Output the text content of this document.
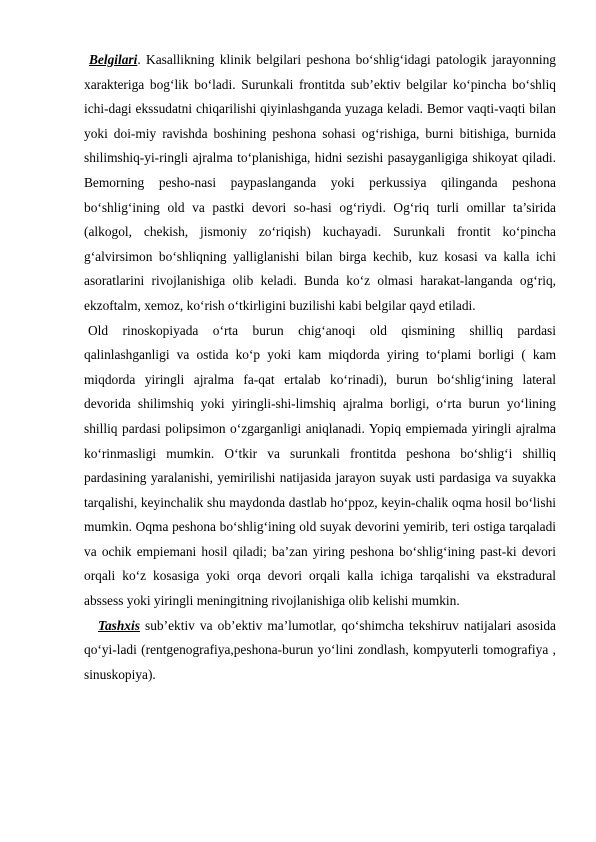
Belgilari. Kasallikning klinik belgilari peshona bo‘shlig‘idagi patologik jarayonning xarakteriga bog‘lik bo‘ladi. Surunkali frontitda sub’ektiv belgilar ko‘pincha bo‘shliq ichi-dagi ekssudatni chiqarilishi qiyinlashganda yuzaga keladi. Bemor vaqti-vaqti bilan yoki doi-miy ravishda boshining peshona sohasi og‘rishiga, burni bitishiga, burnida shilimshiq-yi-ringli ajralma to‘planishiga, hidni sezishi pasayganligiga shikoyat qiladi. Bemorning pesho-nasi paypaslanganda yoki perkussiya qilinganda peshona bo‘shlig‘ining old va pastki devori so-hasi og‘riydi. Og‘riq turli omillar ta’sirida (alkogol, chekish, jismoniy zo‘riqish) kuchayadi. Surunkali frontit ko‘pincha g‘alvirsimon bo‘shliqning yalliglanishi bilan birga kechib, kuz kosasi va kalla ichi asoratlarini rivojlanishiga olib keladi. Bunda ko‘z olmasi harakat-langanda og‘riq, ekzoftalm, xemoz, ko‘rish o‘tkirligini buzilishi kabi belgilar qayd etiladi.

Old rinoskopiyada o‘rta burun chig‘anoqi old qismining shilliq pardasi qalinlashganligi va ostida ko‘p yoki kam miqdorda yiring to‘plami borligi ( kam miqdorda yiringli ajralma fa-qat ertalab ko‘rinadi), burun bo‘shlig‘ining lateral devorida shilimshiq yoki yiringli-shi-limshiq ajralma borligi, o‘rta burun yo‘lining shilliq pardasi polipsimon o‘zgarganligi aniqlanadi. Yopiq empiemada yiringli ajralma ko‘rinmasligi mumkin. O‘tkir va surunkali frontitda peshona bo‘shlig‘i shilliq pardasining yaralanishi, yemirilishi natijasida jarayon suyak usti pardasiga va suyakka tarqalishi, keyinchalik shu maydonda dastlab ho‘ppoz, keyin-chalik oqma hosil bo‘lishi mumkin. Oqma peshona bo‘shlig‘ining old suyak devorini yemirib, teri ostiga tarqaladi va ochik empiemani hosil qiladi; ba’zan yiring peshona bo‘shlig‘ining past-ki devori orqali ko‘z kosasiga yoki orqa devori orqali kalla ichiga tarqalishi va ekstradural abssess yoki yiringli meningitning rivojlanishiga olib kelishi mumkin.

Tashxis sub’ektiv va ob’ektiv ma’lumotlar, qo‘shimcha tekshiruv natijalari asosida qo‘yi-ladi (rentgenografiya,peshona-burun yo‘lini zondlash, kompyuterli tomografiya , sinuskopiya).
